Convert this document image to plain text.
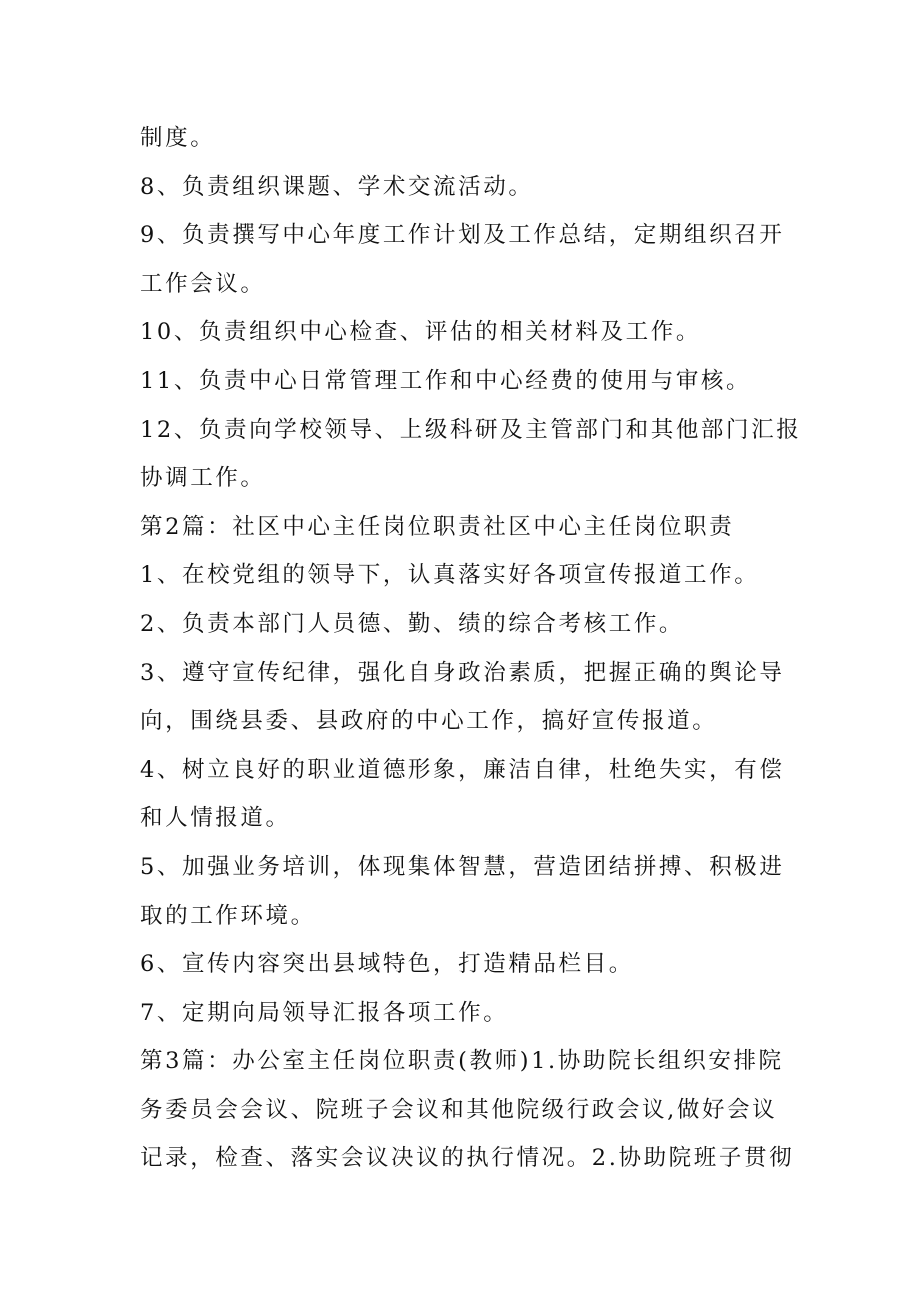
制度。
8、负责组织课题、学术交流活动。
9、负责撰写中心年度工作计划及工作总结，定期组织召开
工作会议。
10、负责组织中心检查、评估的相关材料及工作。
11、负责中心日常管理工作和中心经费的使用与审核。
12、负责向学校领导、上级科研及主管部门和其他部门汇报
协调工作。
第2篇：社区中心主任岗位职责社区中心主任岗位职责
1、在校党组的领导下，认真落实好各项宣传报道工作。
2、负责本部门人员德、勤、绩的综合考核工作。
3、遵守宣传纪律，强化自身政治素质，把握正确的舆论导
向，围绕县委、县政府的中心工作，搞好宣传报道。
4、树立良好的职业道德形象，廉洁自律，杜绝失实，有偿
和人情报道。
5、加强业务培训，体现集体智慧，营造团结拼搏、积极进
取的工作环境。
6、宣传内容突出县域特色，打造精品栏目。
7、定期向局领导汇报各项工作。
第3篇：办公室主任岗位职责(教师)1.协助院长组织安排院
务委员会会议、院班子会议和其他院级行政会议,做好会议
记录，检查、落实会议决议的执行情况。2.协助院班子贯彻
